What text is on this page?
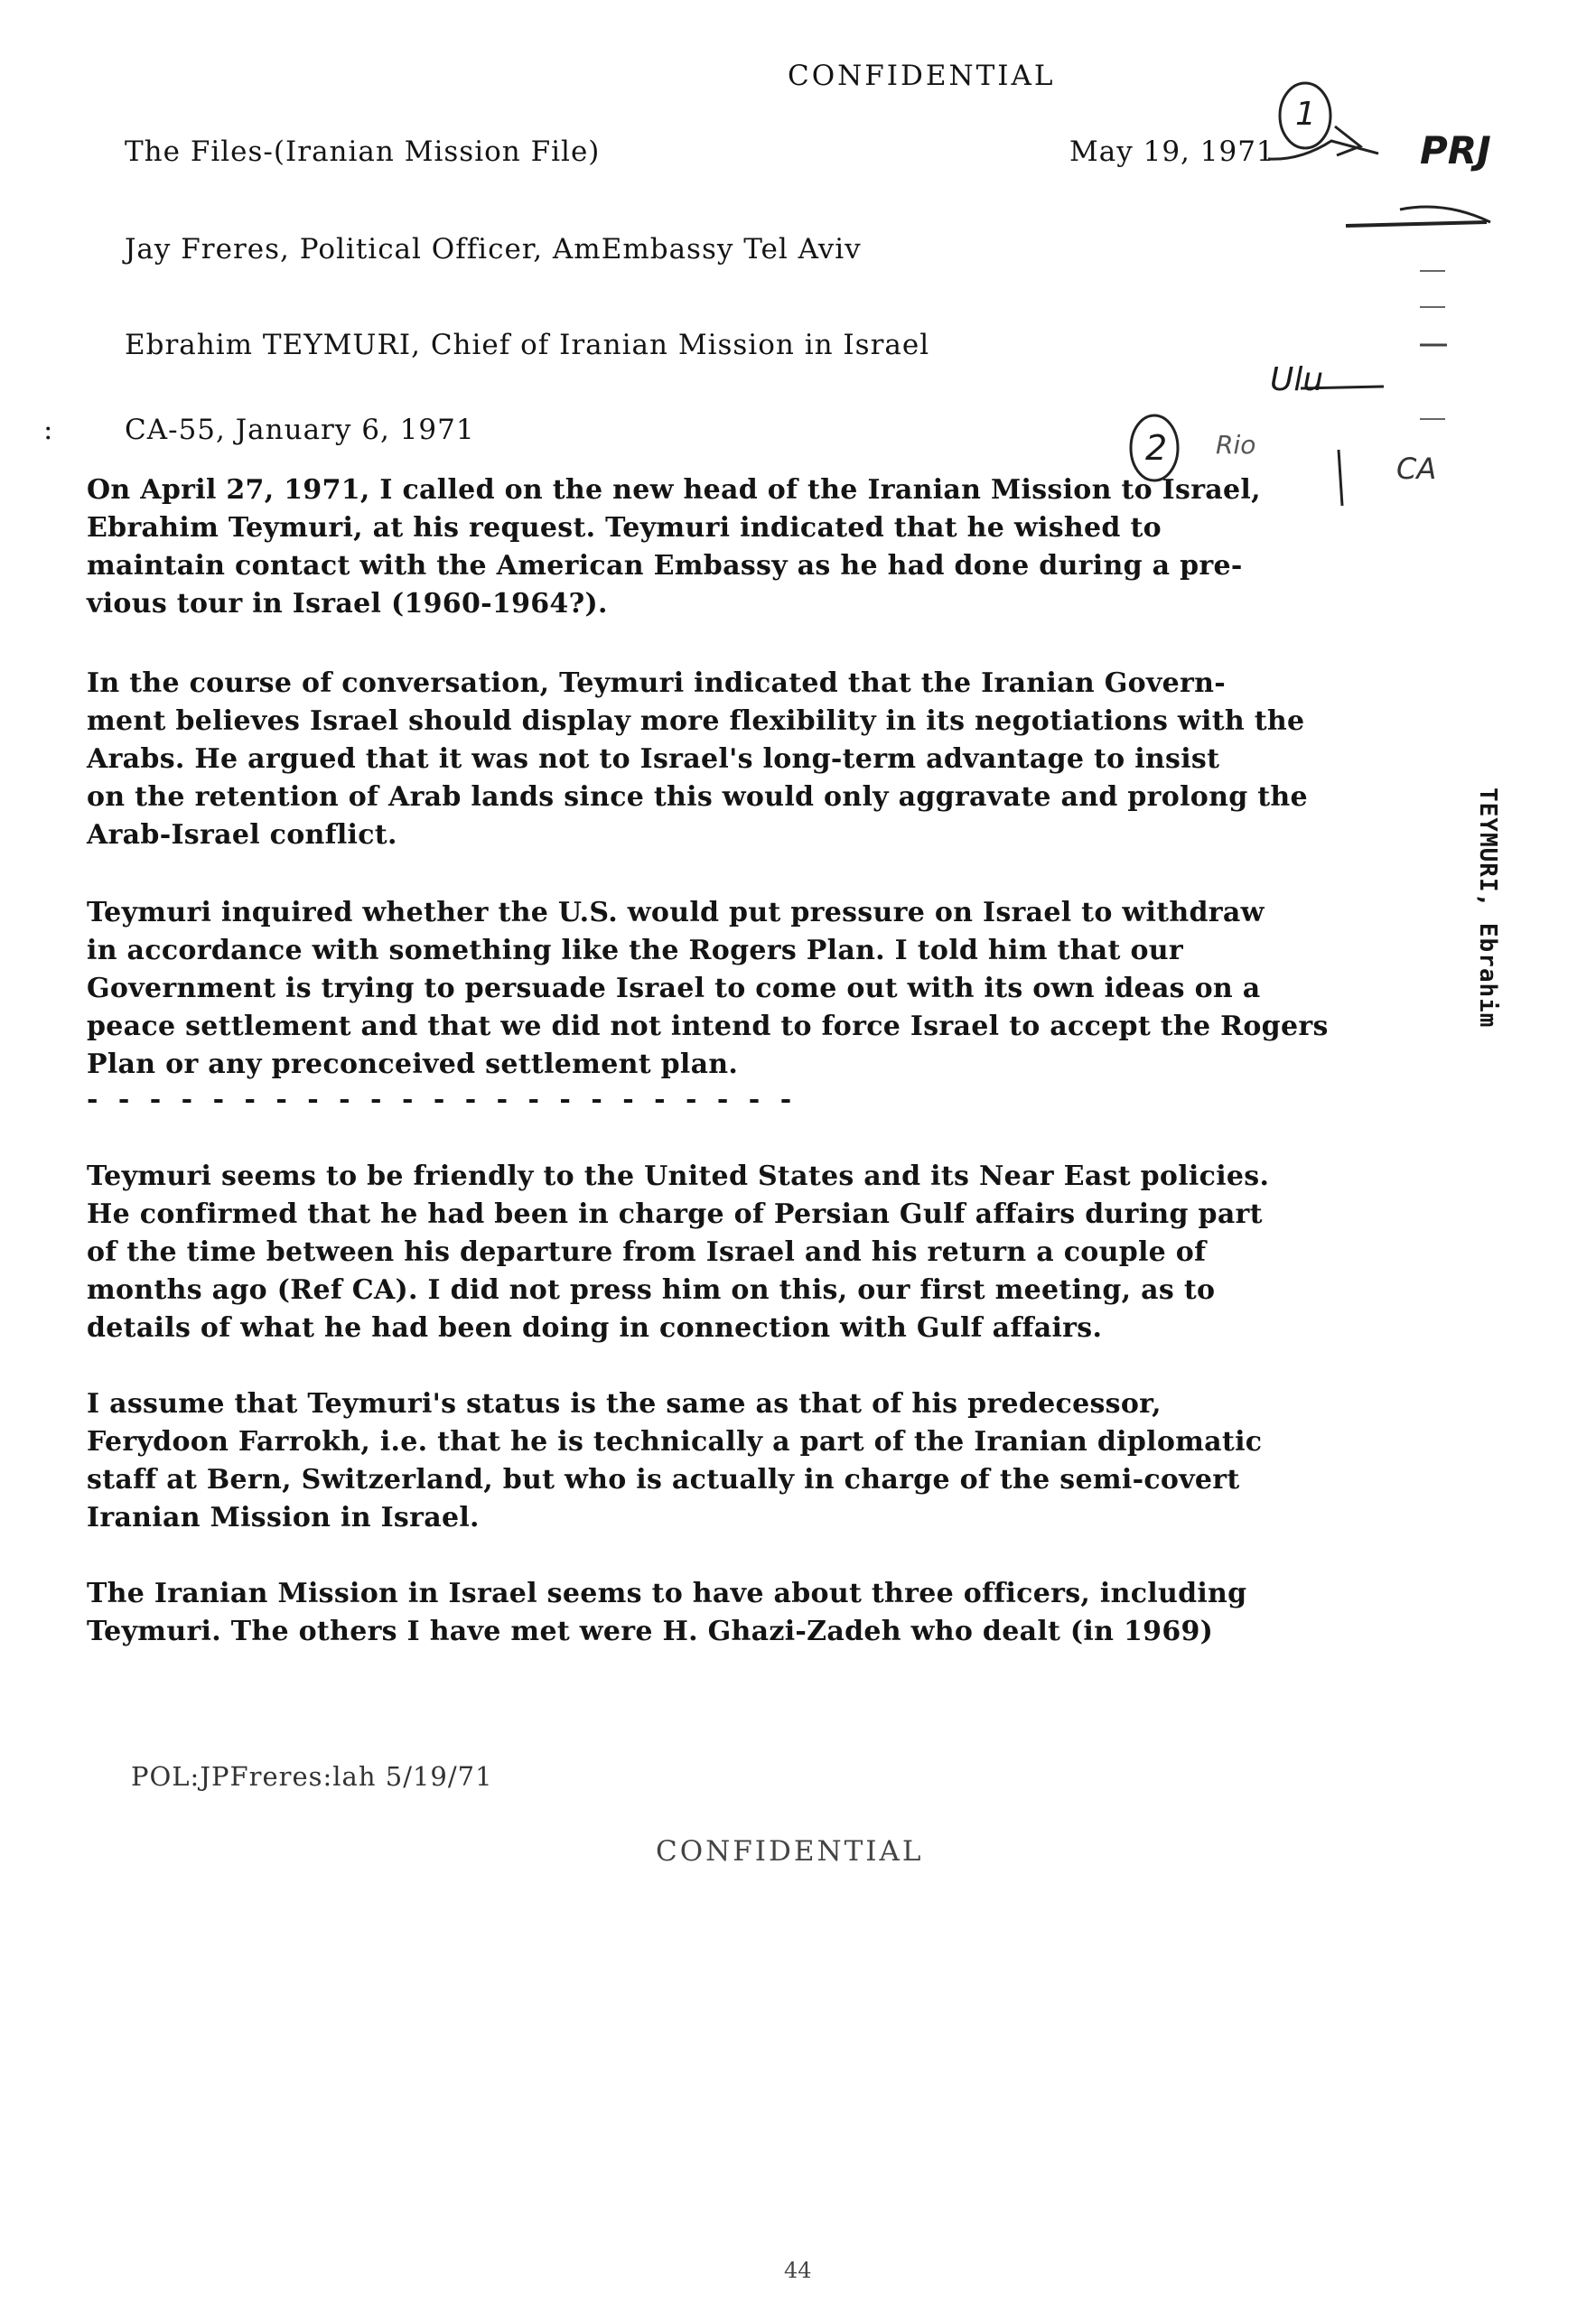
CONFIDENTIAL
The Files-(Iranian Mission File)	May 19, 1971
Jay Freres, Political Officer, AmEmbassy Tel Aviv
Ebrahim TEYMURI, Chief of Iranian Mission in Israel
:	CA-55, January 6, 1971
On April 27, 1971, I called on the new head of the Iranian Mission to Israel,
Ebrahim Teymuri, at his request. Teymuri indicated that he wished to
maintain contact with the American Embassy as he had done during a pre-
vious tour in Israel (1960-1964?).
In the course of conversation, Teymuri indicated that the Iranian Govern-
ment believes Israel should display more flexibility in its negotiations with the
Arabs. He argued that it was not to Israel's long-term advantage to insist
on the retention of Arab lands since this would only aggravate and prolong the
Arab-Israel conflict.
Teymuri inquired whether the U.S. would put pressure on Israel to withdraw
in accordance with something like the Rogers Plan. I told him that our
Government is trying to persuade Israel to come out with its own ideas on a
peace settlement and that we did not intend to force Israel to accept the Rogers
Plan or any preconceived settlement plan.
- - - - - - - - - - - - - - - - - - - - - - -
Teymuri seems to be friendly to the United States and its Near East policies.
He confirmed that he had been in charge of Persian Gulf affairs during part
of the time between his departure from Israel and his return a couple of
months ago (Ref CA). I did not press him on this, our first meeting, as to
details of what he had been doing in connection with Gulf affairs.
I assume that Teymuri's status is the same as that of his predecessor,
Ferydoon Farrokh, i.e. that he is technically a part of the Iranian diplomatic
staff at Bern, Switzerland, but who is actually in charge of the semi-covert
Iranian Mission in Israel.
The Iranian Mission in Israel seems to have about three officers, including
Teymuri. The others I have met were H. Ghazi-Zadeh who dealt (in 1969)
POL:JPFreres:lah 5/19/71
CONFIDENTIAL
44
TEYMURI, Ebrahim
1
2
PRJ
Ulu
Rio
CA
